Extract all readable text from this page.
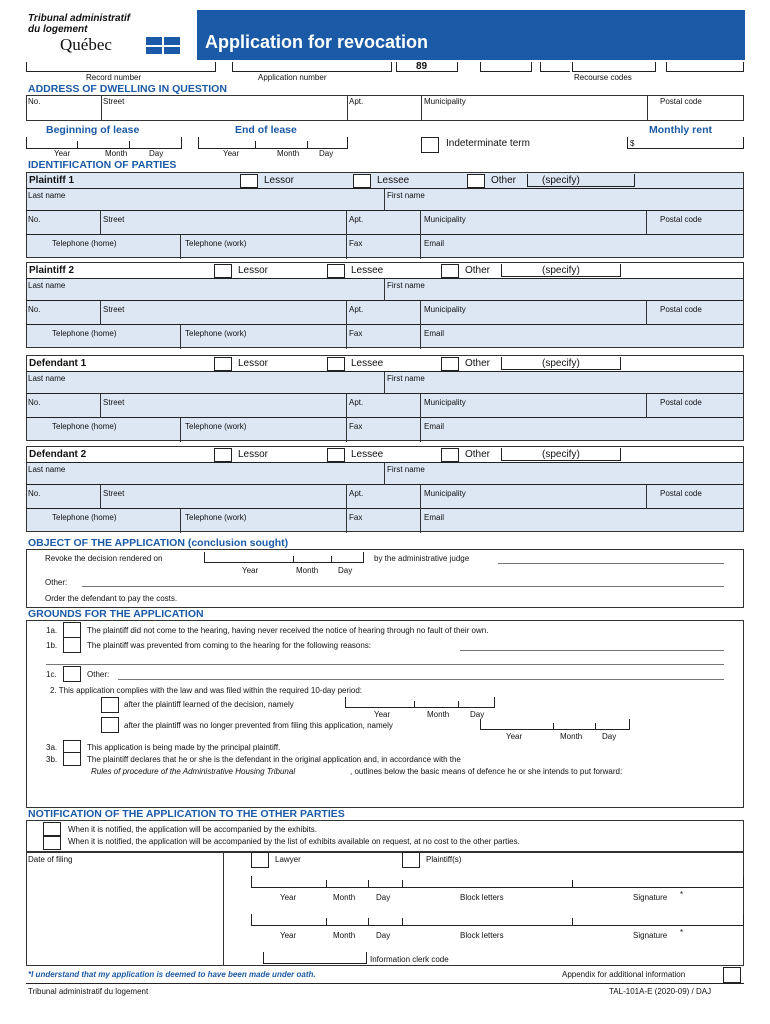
Tribunal administratif
du logement
Québec	Application for revocation
Record number	Application number
89
Recourse codes
ADDRESS OF DWELLING IN QUESTION
No.	Street	Apt.	Municipality	Postal code
Beginning of lease	End of lease	Monthly rent
Year	Month	Day	Year	Month Day
Indeterminate term	$
IDENTIFICATION OF PARTIES
Plaintiff 1	Lessor	Lessee	Other	(specify)
Last name	First name
No.	Street	Apt.	Municipality	Postal code
Telephone (home)	Telephone (work)	Fax	Email
Plaintiff 2	Lessor	Lessee	Other	(specify)
Last name	First name
No.	Street	Apt.	Municipality	Postal code
Telephone (home)	Telephone (work)	Fax	Email
Defendant 1	Lessor	Lessee	Other	(specify)
Last name	First name
No.	Street	Apt.	Municipality	Postal code
Telephone (home)	Telephone (work)	Fax	Email
Defendant 2	Lessor	Lessee	Other	(specify)
Last name	First name
No.	Street	Apt.	Municipality	Postal code
Telephone (home)	Telephone (work)	Fax	Email
OBJECT OF THE APPLICATION (conclusion sought)
Revoke the decision rendered on
Year	Month Day
by the administrative judge
Other:
Order the defendant to pay the costs.
GROUNDS FOR THE APPLICATION
1a.	The plaintiff did not come to the hearing, having never received the notice of hearing through no fault of their own.
1b.	The plaintiff was prevented from coming to the hearing for the following reasons:
1c.	Other:
2. This application complies with the law and was filed within the required 10-day period:
after the plaintiff learned of the decision, namely
Year	Month	Day
after the plaintiff was no longer prevented from filing this application, namely
Year	Month Day
3a.	This application is being made by the principal plaintiff.
3b.	The plaintiff declares that he or she is the defendant in the original application and, in accordance with the
Rules of procedure of the Administrative Housing Tribunal	, outlines below the basic means of defence he or she intends to put forward:
NOTIFICATION OF THE APPLICATION TO THE OTHER PARTIES
When it is notified, the application will be accompanied by the exhibits.
When it is notified, the application will be accompanied by the list of exhibits available on request, at no cost to the other parties.
Date of filing	Lawyer	Plaintiff(s)
Year	Month	Day	Block letters	Signature *
Year	Month	Day	Block letters	Signature *
Information clerk code
*I understand that my application is deemed to have been made under oath.	Appendix for additional information
Tribunal administratif du logement	TAL-101A-E (2020-09) / DAJ
